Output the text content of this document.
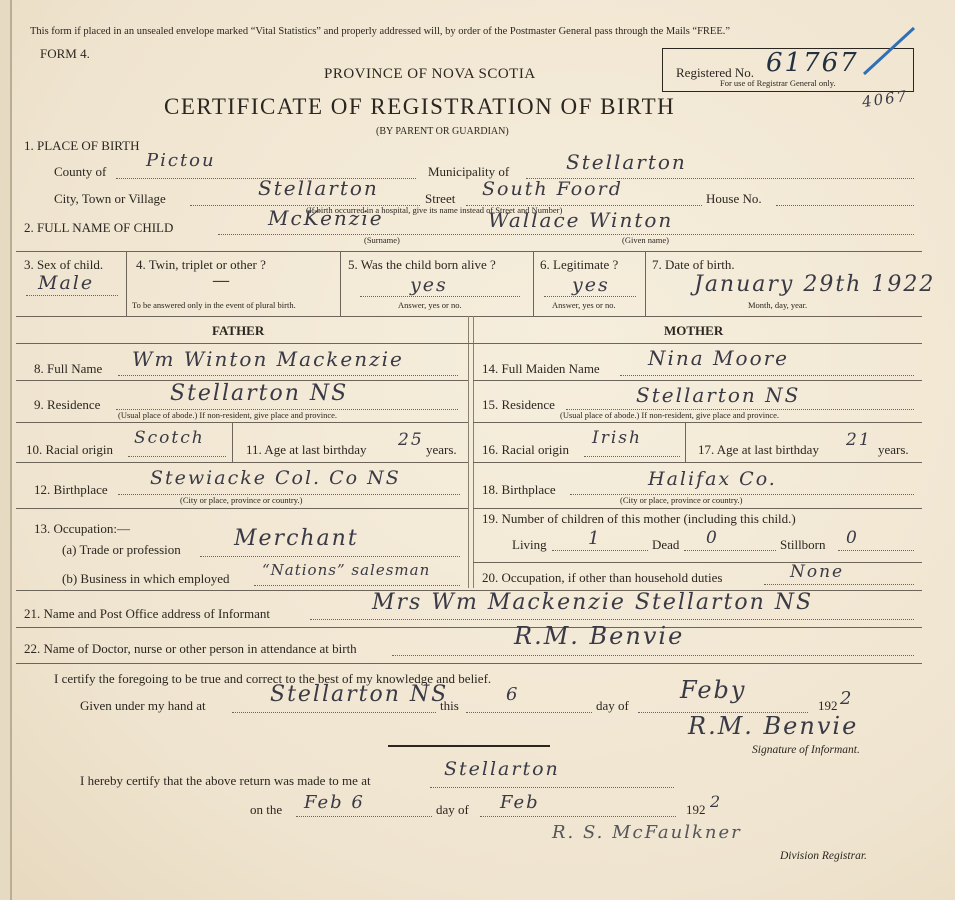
This form if placed in an unsealed envelope marked “Vital Statistics” and properly addressed will, by order of the Postmaster General pass through the Mails “FREE.”
FORM 4.
PROVINCE OF NOVA SCOTIA
CERTIFICATE OF REGISTRATION OF BIRTH
(BY PARENT OR GUARDIAN)
Registered No. 61767
For use of Registrar General only.
4067
1. PLACE OF BIRTH
County of
Pictou
Municipality of	Stellarton
City, Town or Village	Stellarton	Street South Foord	House No.
(If birth occurred in a hospital, give its name instead of Street and Number)
2. FULL NAME OF CHILD	McKenzie	Wallace Winton
(Surname)	(Given name)
3. Sex of child.
Male
4. Twin, triplet or other ?
—
To be answered only in the event of plural birth.
5. Was the child born alive ?
yes
Answer, yes or no.
6. Legitimate ?
yes
Answer, yes or no.
7. Date of birth.
January 29th 1922
Month, day, year.
FATHER	MOTHER
8. Full Name Wm Winton Mackenzie
9. Residence	Stellarton NS
(Usual place of abode.) If non-resident, give place and province.
10. Racial origin
Scotch
11. Age at last birthday 25 years.
12. Birthplace
Stewiacke Col. Co NS
(City or place, province or country.)
13. Occupation:—
(a) Trade or profession Merchant
(b) Business in which employed “Nations” salesman
14. Full Maiden Name Nina Moore
15. Residence	Stellarton NS
(Usual place of abode.) If non-resident, give place and province.
16. Racial origin
Irish
17. Age at last birthday 21 years.
18. Birthplace	Halifax Co.
(City or place, province or country.)
19. Number of children of this mother (including this child.)
Living 1	Dead 0	Stillborn 0
20. Occupation, if other than household duties	None
21. Name and Post Office address of Informant	Mrs Wm Mackenzie Stellarton NS
22. Name of Doctor, nurse or other person in attendance at birth	R.M. Benvie
I certify the foregoing to be true and correct to the best of my knowledge and belief.
Given under my hand at	Stellarton NS
this
6
day of
Feby
192 2
R.M. Benvie
Signature of Informant.
I hereby certify that the above return was made to me at
Stellarton
on the Feb 6	day of Feb	192 2
R. S. McFaulkner
Division Registrar.
